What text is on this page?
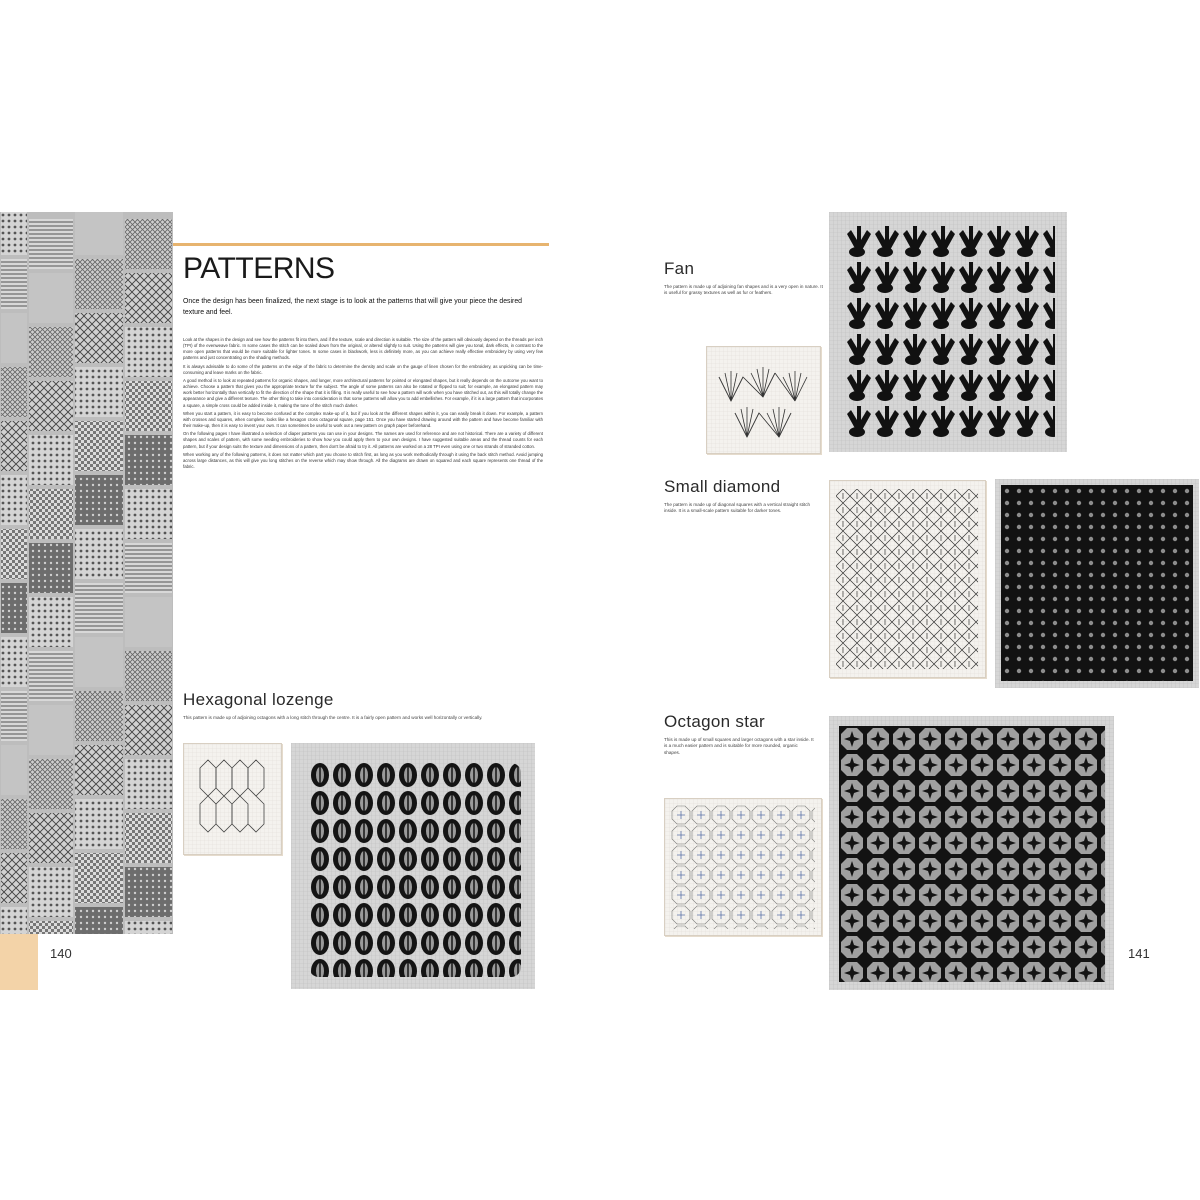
140
PATTERNS
Once the design has been finalized, the next stage is to look at the patterns that will give your piece the desired texture and feel.

Look at the shapes in the design and see how the patterns fit into them, and if the texture, scale and direction is suitable. The size of the pattern will obviously depend on the threads per inch (TPI) of the evenweave fabric. In some cases the stitch can be scaled down from the original, or altered slightly to suit. Using the patterns will give you tonal, dark effects, in contrast to the more open patterns that would be more suitable for lighter tones. In some cases in blackwork, less is definitely more, as you can achieve really effective embroidery by using very few patterns and just concentrating on the shading methods.

It is always advisable to do some of the patterns on the edge of the fabric to determine the density and scale on the gauge of linen chosen for the embroidery, as unpicking can be time-consuming and leave marks on the fabric.

A good method is to look at repeated patterns for organic shapes, and longer, more architectural patterns for pointed or elongated shapes, but it really depends on the outcome you want to achieve. Choose a pattern that gives you the appropriate texture for the subject. The angle of some patterns can also be rotated or flipped to suit; for example, an elongated pattern may work better horizontally than vertically to fit the direction of the shape that it is filling. It is really useful to see how a pattern will work when you have stitched out, as this will totally change the appearance and give a different texture. The other thing to take into consideration is that some patterns will allow you to add embellishes. For example, if it is a large pattern that incorporates a square, a simple cross could be added inside it, making the tone of the stitch much darker.

When you start a pattern, it is easy to become confused at the complex make-up of it, but if you look at the different shapes within it, you can easily break it down. For example, a pattern with crosses and squares, when complete, looks like a hexagon cross octagonal square, page 151. Once you have started drawing around with the pattern and have become familiar with their make-up, then it is easy to invent your own. It can sometimes be useful to work out a new pattern on graph paper beforehand.

On the following pages I have illustrated a selection of diaper patterns you can use in your designs. The names are used for reference and are not historical. There are a variety of different shapes and scales of pattern, with some needing embroideries to show how you could apply them to your own designs. I have suggested suitable areas and the thread counts for each pattern, but if your design suits the texture and dimensions of a pattern, then don't be afraid to try it. All patterns are worked on a 28 TPI even using one or two strands of stranded cotton.

When working any of the following patterns, it does not matter which part you choose to stitch first, as long as you work methodically through it using the back stitch method. Avoid jumping across large distances, as this will give you long stitches on the reverse which may show through. All the diagrams are drawn on squared and each square represents one thread of the fabric.

Hexagonal lozenge
This pattern is made up of adjoining octagons with a long stitch through the centre. It is a fairly open pattern and works well horizontally or vertically.
Fan
The pattern is made up of adjoining fan shapes and is a very open in nature. It is useful for grassy textures as well as fur or feathers.
Small diamond
The pattern is made up of diagonal squares with a vertical straight stitch inside. It is a small-scale pattern suitable for darker tones.
Octagon star
This is made up of small squares and larger octagons with a star inside. It is a much easier pattern and is suitable for more rounded, organic shapes.
141
